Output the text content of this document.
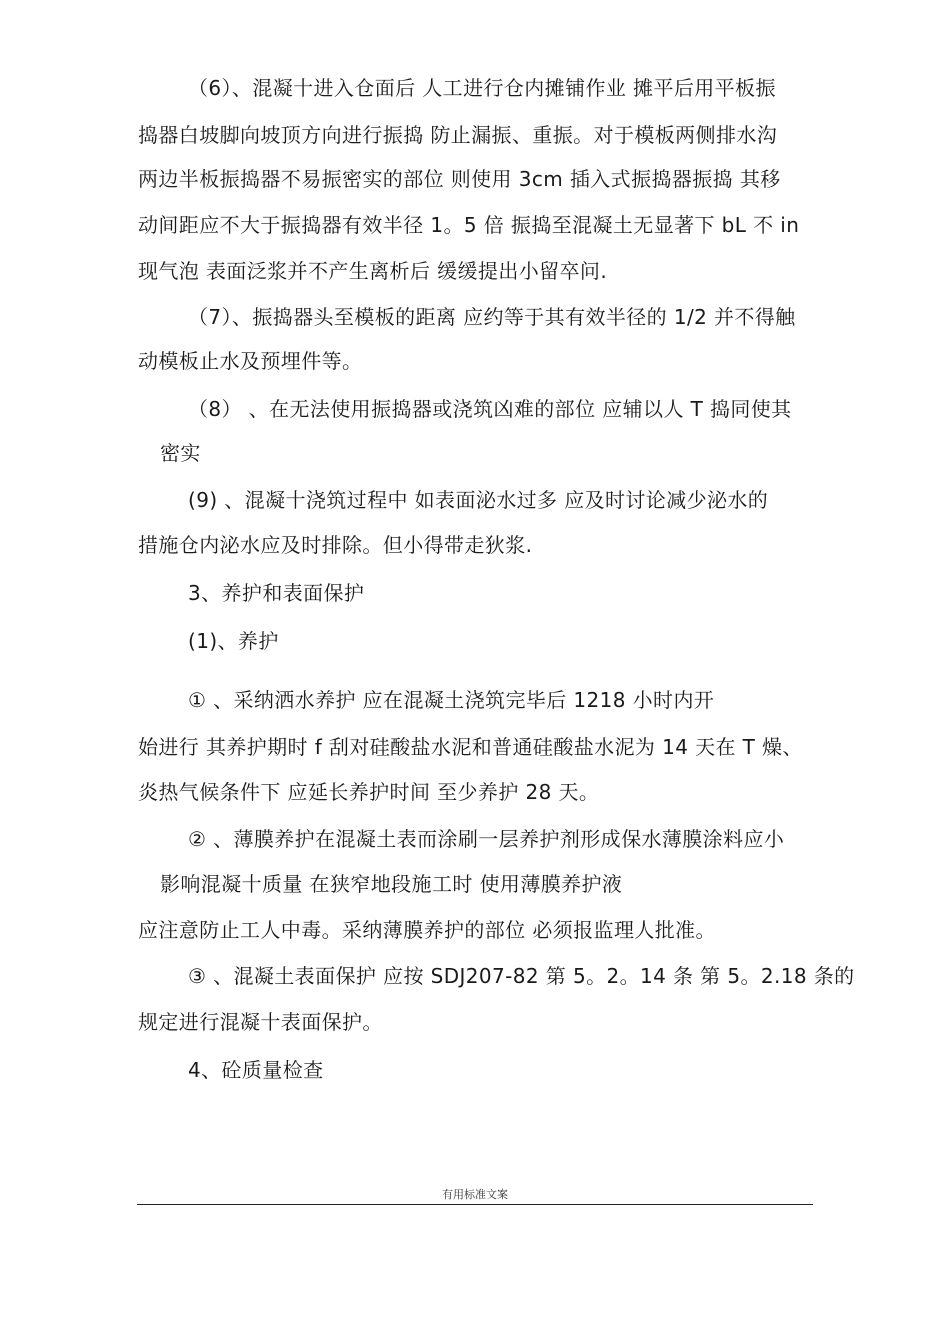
（6）、混凝十进入仓面后 人工进行仓内摊铺作业 摊平后用平板振
捣器白坡脚向坡顶方向进行振捣 防止漏振、重振。对于模板两侧排水沟
两边半板振捣器不易振密实的部位 则使用 3cm 插入式振捣器振捣 其移
动间距应不大于振捣器有效半径 1。5 倍 振捣至混凝土无显著下 bL 不 in
现气泡 表面泛浆并不产生离析后 缓缓提出小留卒问.
（7）、振捣器头至模板的距离 应约等于其有效半径的 1/2 并不得触
动模板止水及预埋件等。
（8） 、在无法使用振捣器或浇筑凶难的部位 应辅以人 T 捣同使其
密实
(9) 、混凝十浇筑过程中 如表面泌水过多 应及时讨论减少泌水的
措施仓内泌水应及时排除。但小得带走狄浆.
3、养护和表面保护
(1)、养护
① 、采纳洒水养护 应在混凝土浇筑完毕后 1218 小时内开
始进行 其养护期时 f 刮对硅酸盐水泥和普通硅酸盐水泥为 14 天在 T 燥、
炎热气候条件下 应延长养护时间 至少养护 28 天。
② 、薄膜养护在混凝土表而涂刷一层养护剂形成保水薄膜涂料应小
影响混凝十质量 在狭窄地段施工时 使用薄膜养护液
应注意防止工人中毒。采纳薄膜养护的部位 必须报监理人批准。
③ 、混凝土表面保护 应按 SDJ207-82 第 5。2。14 条 第 5。2.18 条的
规定进行混凝十表面保护。
4、砼质量检查
有用标准文案
